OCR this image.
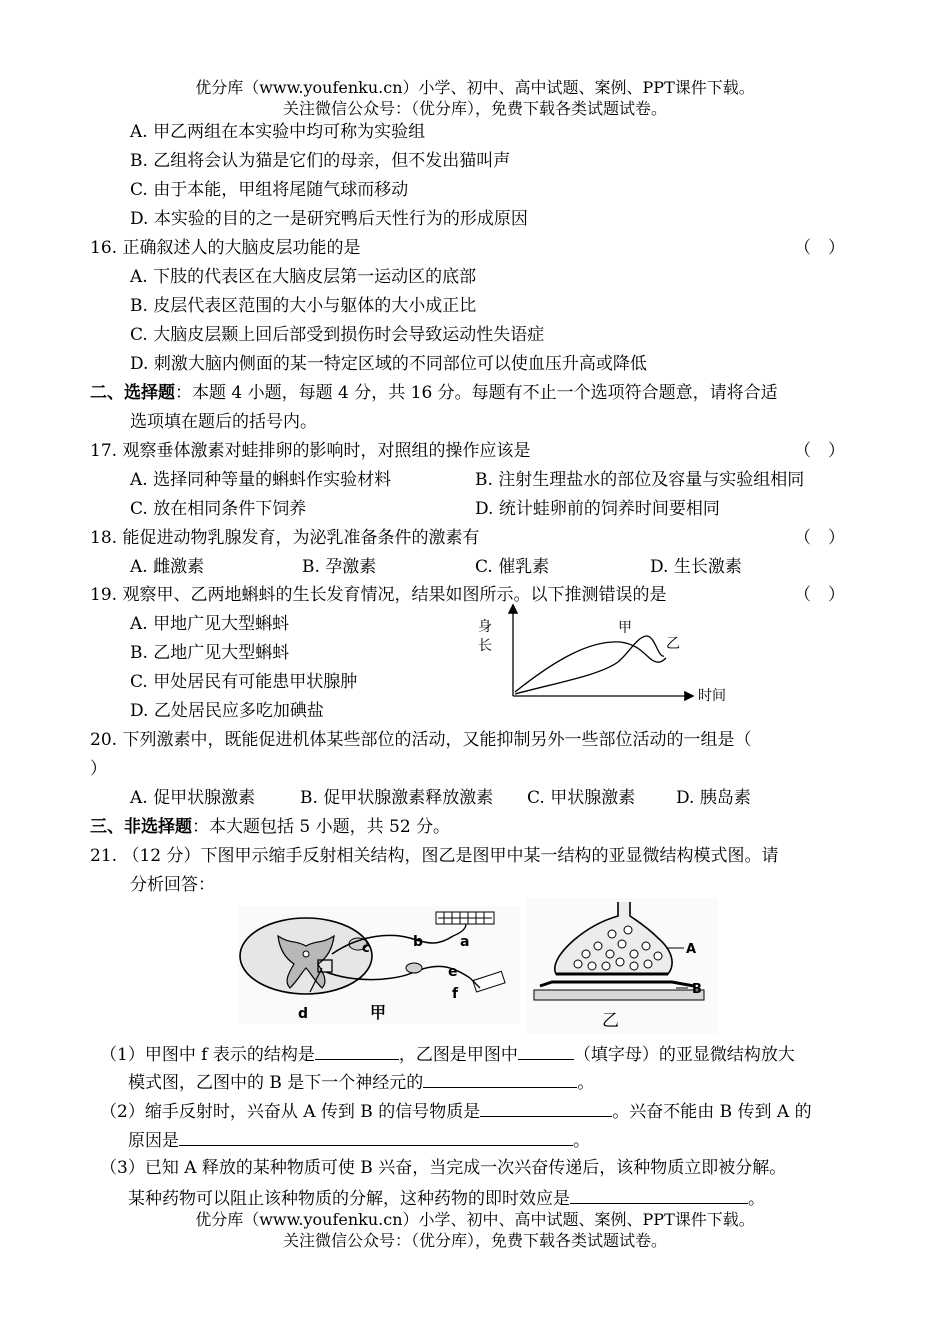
优分库（www.youfenku.cn）小学、初中、高中试题、案例、PPT课件下载。
关注微信公众号：（优分库），免费下载各类试题试卷。
A. 甲乙两组在本实验中均可称为实验组
B. 乙组将会认为猫是它们的母亲，但不发出猫叫声
C. 由于本能，甲组将尾随气球而移动
D. 本实验的目的之一是研究鸭后天性行为的形成原因
16. 正确叙述人的大脑皮层功能的是	（　）
A. 下肢的代表区在大脑皮层第一运动区的底部
B. 皮层代表区范围的大小与躯体的大小成正比
C. 大脑皮层颞上回后部受到损伤时会导致运动性失语症
D. 刺激大脑内侧面的某一特定区域的不同部位可以使血压升高或降低
二、选择题：本题 4 小题，每题 4 分，共 16 分。每题有不止一个选项符合题意，请将合适
选项填在题后的括号内。
17. 观察垂体激素对蛙排卵的影响时，对照组的操作应该是	（　）
A. 选择同种等量的蝌蚪作实验材料	B. 注射生理盐水的部位及容量与实验组相同
C. 放在相同条件下饲养	D. 统计蛙卵前的饲养时间要相同
18. 能促进动物乳腺发育，为泌乳准备条件的激素有	（　）
A. 雌激素	B. 孕激素	C. 催乳素	D. 生长激素
19. 观察甲、乙两地蝌蚪的生长发育情况，结果如图所示。以下推测错误的是	（　）
A. 甲地广见大型蝌蚪
B. 乙地广见大型蝌蚪
C. 甲处居民有可能患甲状腺肿
D. 乙处居民应多吃加碘盐
身
长
时间
甲
乙
20. 下列激素中，既能促进机体某些部位的活动，又能抑制另外一些部位活动的一组是（
）
A. 促甲状腺激素	B. 促甲状腺激素释放激素 C. 甲状腺激素 D. 胰岛素
三、非选择题：本大题包括 5 小题，共 52 分。
21. （12 分）下图甲示缩手反射相关结构，图乙是图甲中某一结构的亚显微结构模式图。请
分析回答：
c	b	a
e
f
d	甲
A
B
乙
（1）甲图中 f 表示的结构是	，乙图是甲图中	（填字母）的亚显微结构放大
模式图，乙图中的 B 是下一个神经元的	。
（2）缩手反射时，兴奋从 A 传到 B 的信号物质是	。兴奋不能由 B 传到 A 的
原因是	。
（3）已知 A 释放的某种物质可使 B 兴奋，当完成一次兴奋传递后，该种物质立即被分解。
某种药物可以阻止该种物质的分解，这种药物的即时效应是	。
优分库（www.youfenku.cn）小学、初中、高中试题、案例、PPT课件下载。
关注微信公众号：（优分库），免费下载各类试题试卷。
